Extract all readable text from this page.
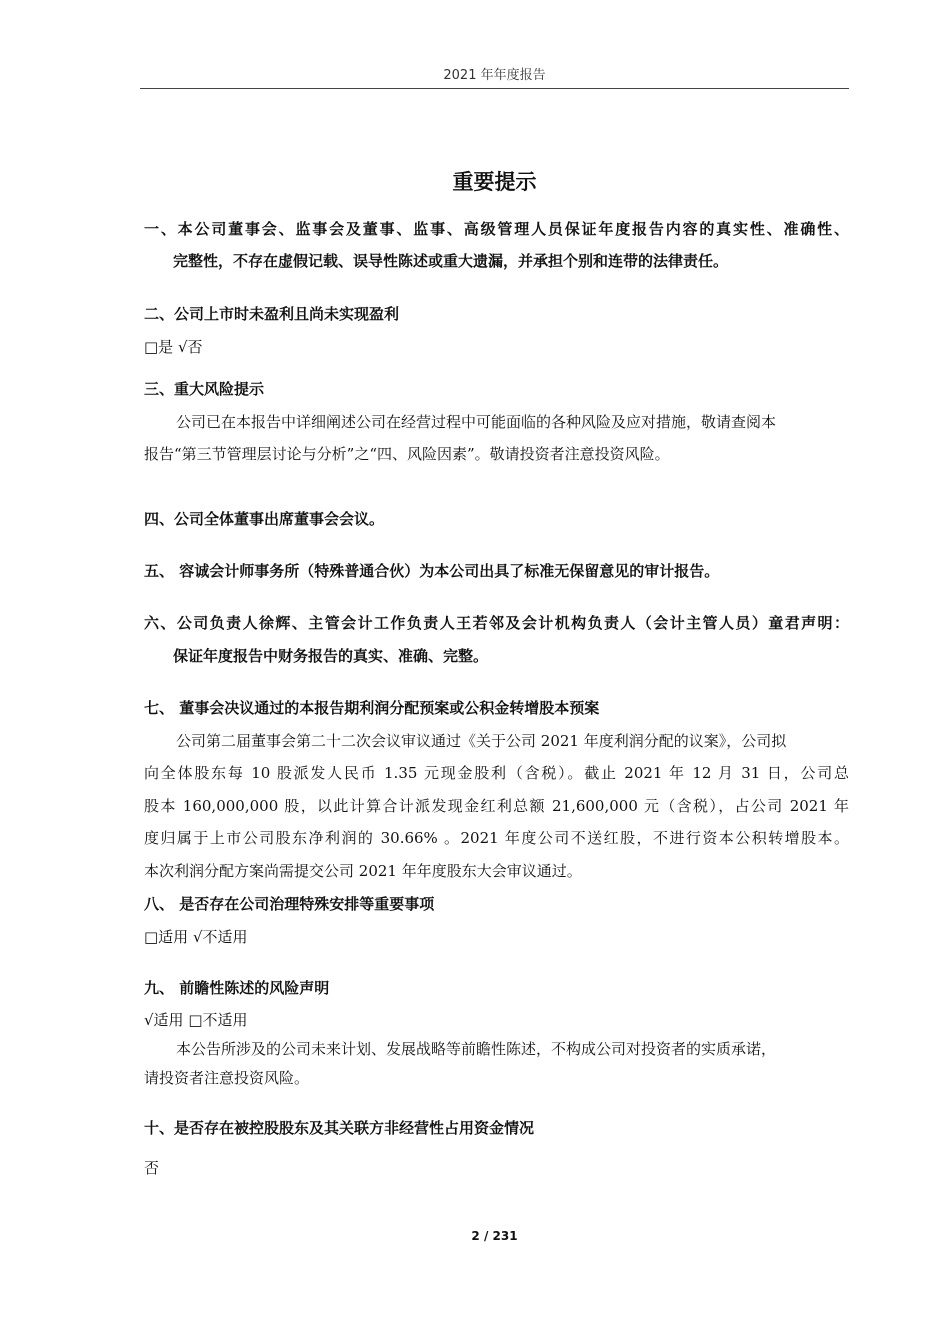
2021 年年度报告
重要提示
一、本公司董事会、监事会及董事、监事、高级管理人员保证年度报告内容的真实性、准确性、
完整性，不存在虚假记载、误导性陈述或重大遗漏，并承担个别和连带的法律责任。
二、公司上市时未盈利且尚未实现盈利
□是 √否
三、重大风险提示
公司已在本报告中详细阐述公司在经营过程中可能面临的各种风险及应对措施，敬请查阅本
报告“第三节管理层讨论与分析”之“四、风险因素”。敬请投资者注意投资风险。
四、公司全体董事出席董事会会议。
五、 容诚会计师事务所（特殊普通合伙）为本公司出具了标准无保留意见的审计报告。
六、公司负责人徐辉、主管会计工作负责人王若邻及会计机构负责人（会计主管人员）童君声明：
保证年度报告中财务报告的真实、准确、完整。
七、 董事会决议通过的本报告期利润分配预案或公积金转增股本预案
公司第二届董事会第二十二次会议审议通过《关于公司 2021 年度利润分配的议案》，公司拟
向全体股东每 10 股派发人民币 1.35 元现金股利（含税）。截止 2021 年 12 月 31 日，公司总
股本 160,000,000 股，以此计算合计派发现金红利总额 21,600,000 元（含税），占公司 2021 年
度归属于上市公司股东净利润的 30.66% 。2021 年度公司不送红股，不进行资本公积转增股本。
本次利润分配方案尚需提交公司 2021 年年度股东大会审议通过。
八、 是否存在公司治理特殊安排等重要事项
□适用 √不适用
九、 前瞻性陈述的风险声明
√适用 □不适用
本公告所涉及的公司未来计划、发展战略等前瞻性陈述，不构成公司对投资者的实质承诺，
请投资者注意投资风险。
十、是否存在被控股股东及其关联方非经营性占用资金情况
否
2 / 231
